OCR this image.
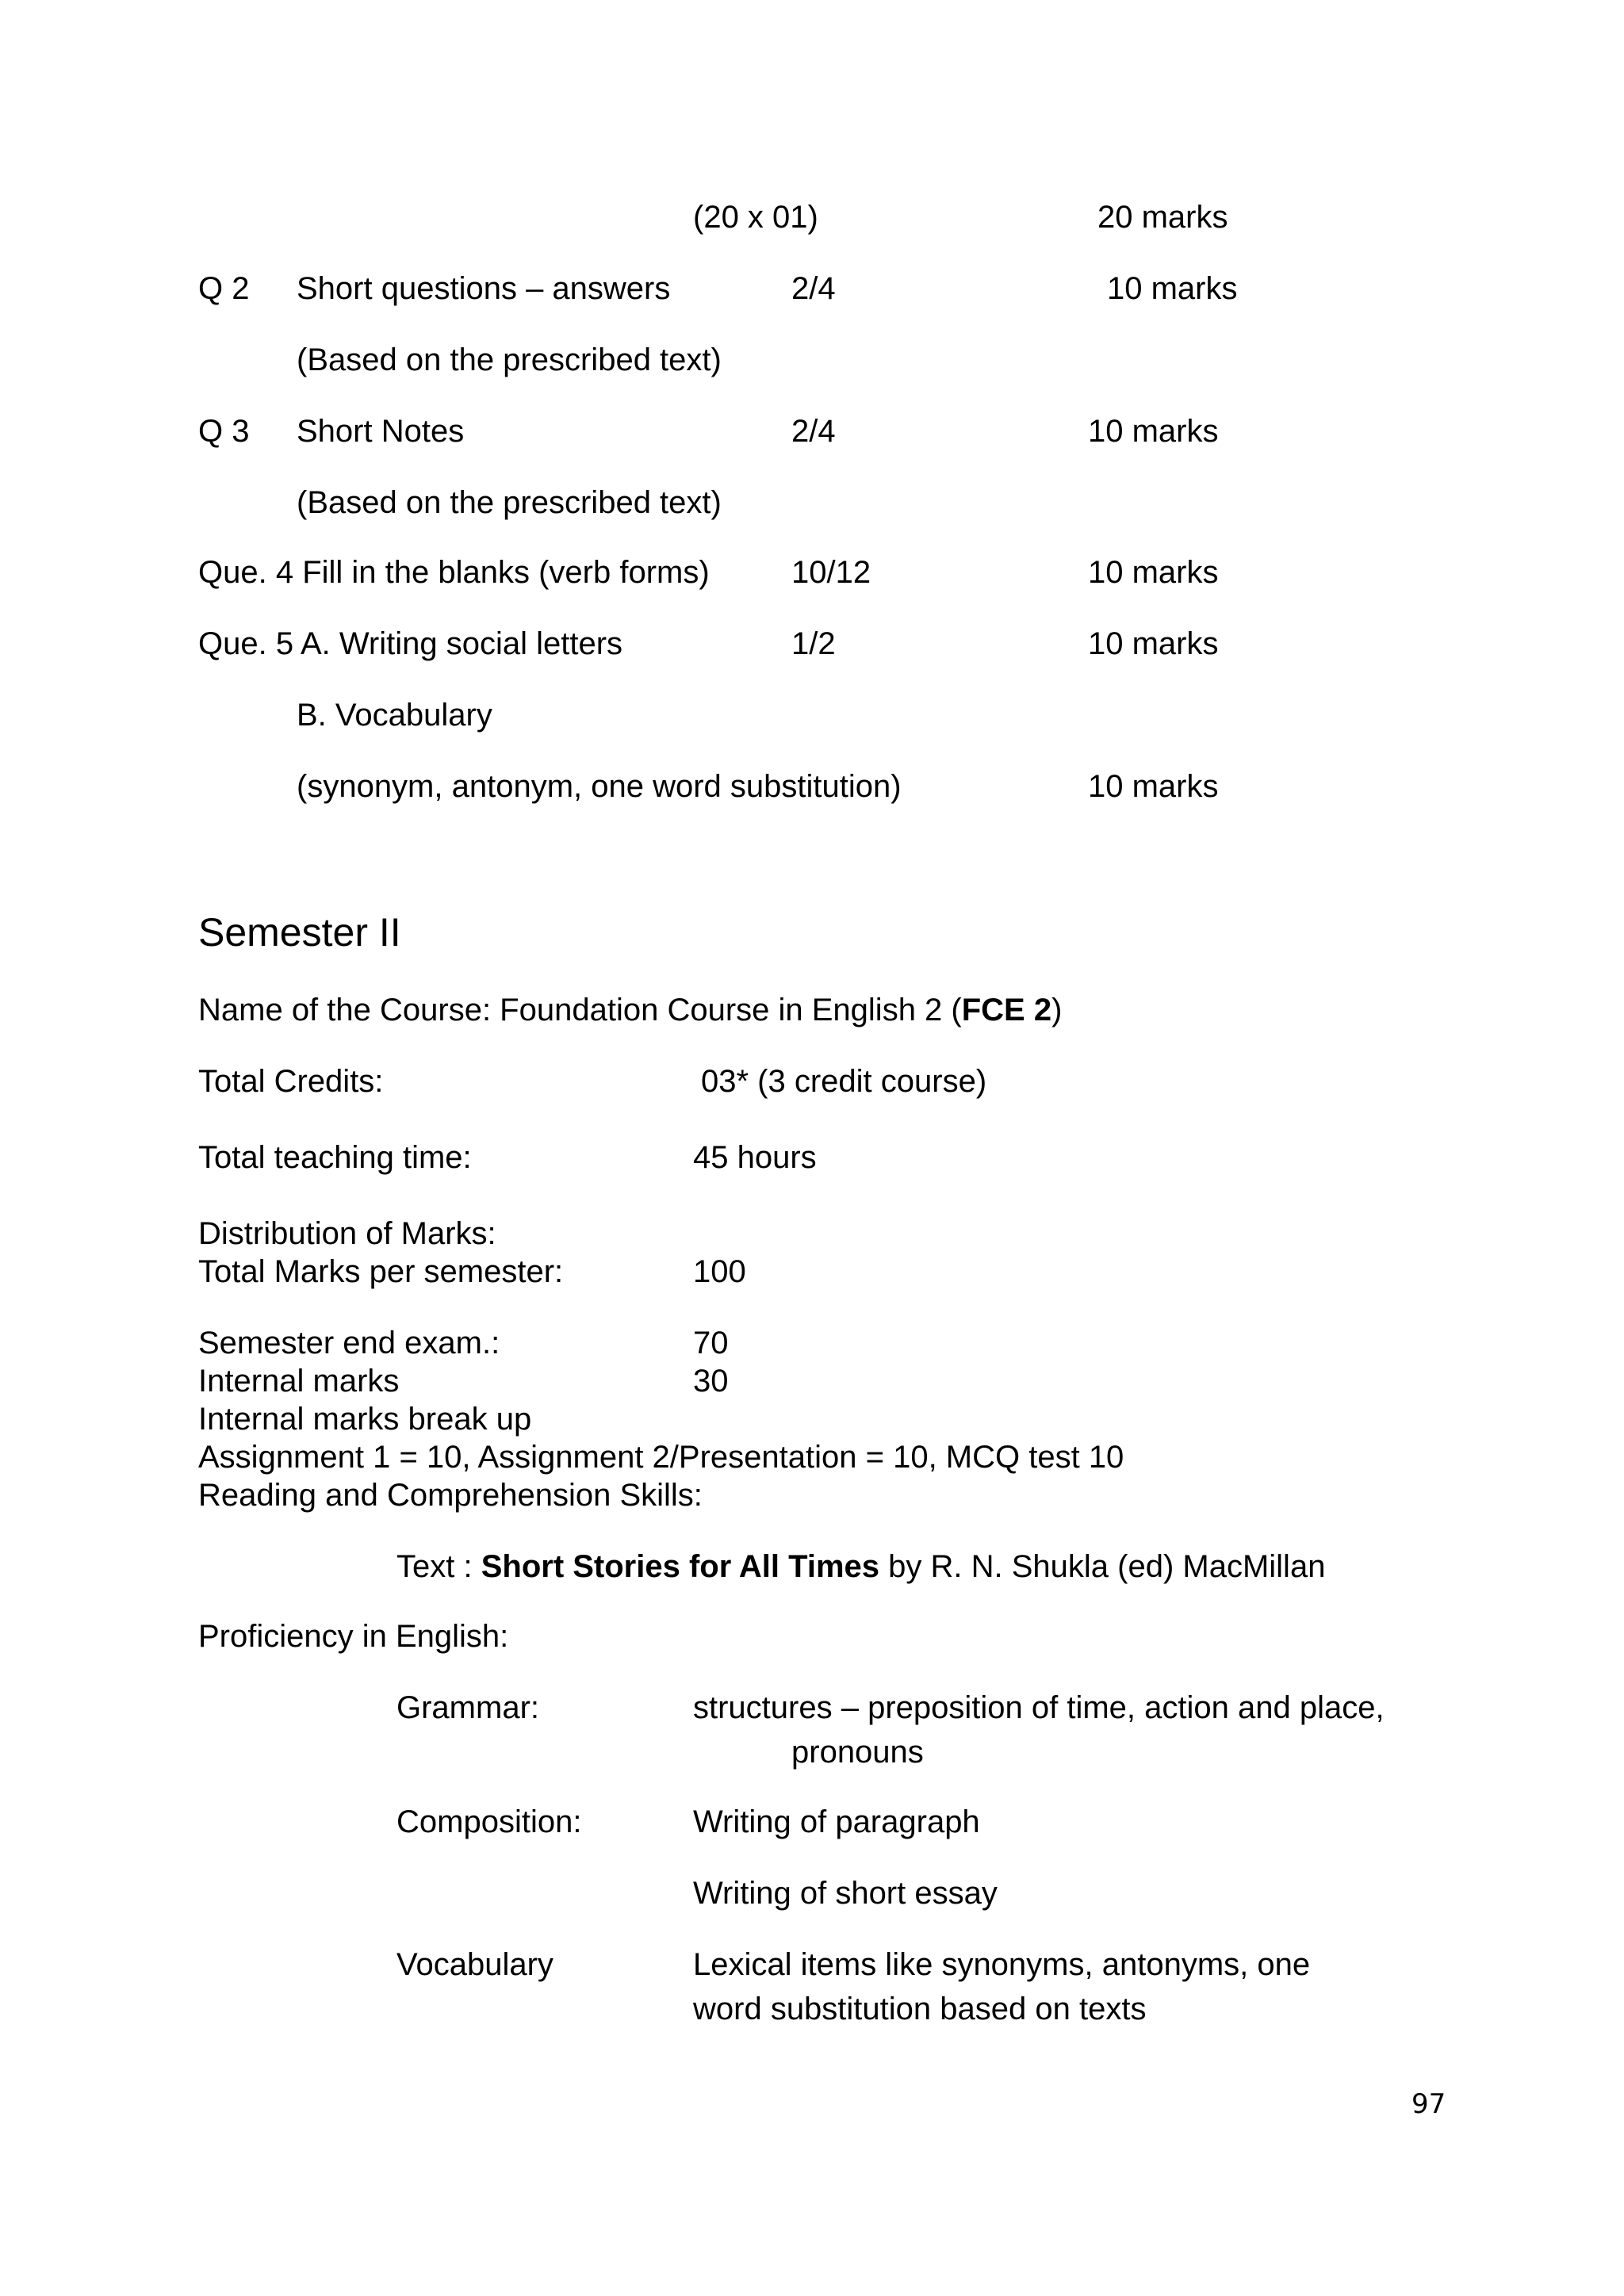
(20 x 01)	20 marks
Q 2 Short questions – answers	2/4	10 marks
(Based on the prescribed text)
Q 3 Short Notes	2/4	10 marks
(Based on the prescribed text)
Que. 4 Fill in the blanks (verb forms)	10/12	10 marks
Que. 5 A. Writing social letters	1/2	10 marks
B. Vocabulary
(synonym, antonym, one word substitution)	10 marks
Semester II
Name of the Course: Foundation Course in English 2 (FCE 2)
Total Credits:	03* (3 credit course)
Total teaching time:	45 hours
Distribution of Marks:
Total Marks per semester:	100
Semester end exam.:	70
Internal marks	30
Internal marks break up
Assignment 1 = 10, Assignment 2/Presentation = 10, MCQ test 10
Reading and Comprehension Skills:
Text : Short Stories for All Times by R. N. Shukla (ed) MacMillan
Proficiency in English:
Grammar:	structures – preposition of time, action and place,
pronouns
Composition:	Writing of paragraph
Writing of short essay
Vocabulary	Lexical items like synonyms, antonyms, one
word substitution based on texts
97
